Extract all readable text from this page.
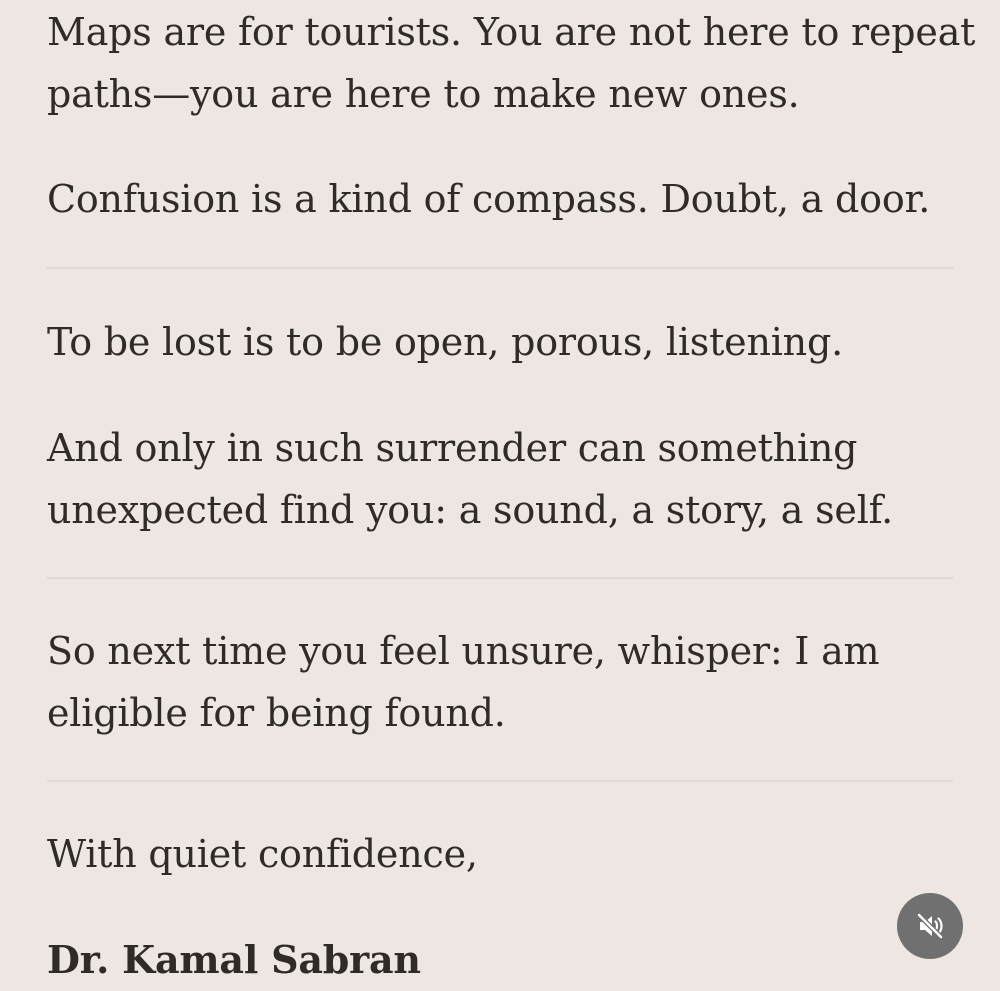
Maps are for tourists. You are not here to repeat
paths—you are here to make new ones.

Confusion is a kind of compass. Doubt, a door.

To be lost is to be open, porous, listening.

And only in such surrender can something
unexpected find you: a sound, a story, a self.

So next time you feel unsure, whisper: I am
eligible for being found.

With quiet confidence,

Dr. Kamal Sabran
